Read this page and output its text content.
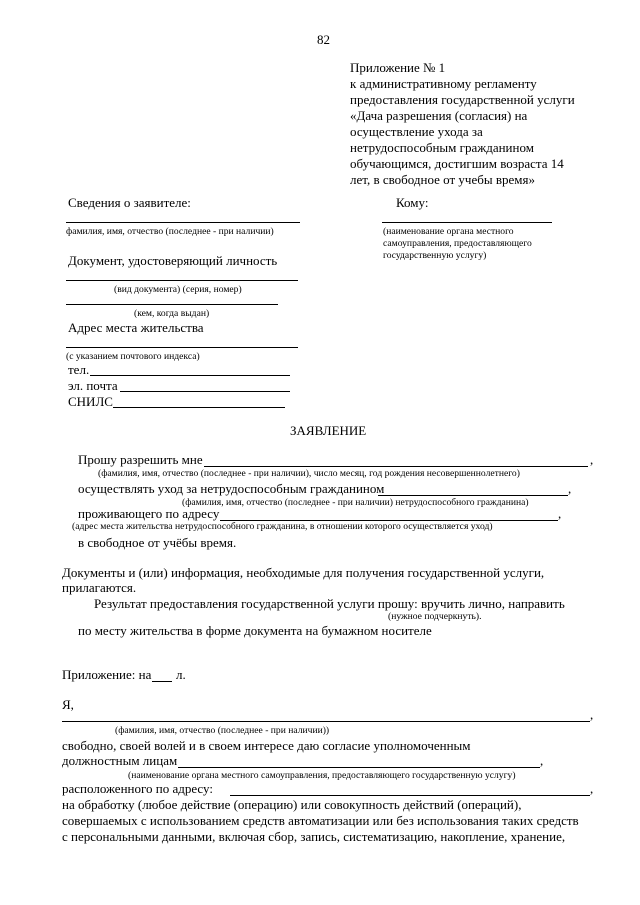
82
Приложение № 1
к административному регламенту
предоставления государственной услуги
«Дача разрешения (согласия) на
осуществление ухода за
нетрудоспособным гражданином
обучающимся, достигшим возраста 14
лет, в свободное от учебы время»
Сведения о заявителе:
фамилия, имя, отчество (последнее - при наличии)
Документ, удостоверяющий личность
(вид документа) (серия, номер)
(кем, когда выдан)
Адрес места жительства
(с указанием почтового индекса)
тел.
эл. почта
СНИЛС
Кому:
(наименование органа местного
самоуправления, предоставляющего
государственную услугу)
ЗАЯВЛЕНИЕ
Прошу разрешить мне	,
(фамилия, имя, отчество (последнее - при наличии), число месяц, год рождения несовершеннолетнего)
осуществлять уход за нетрудоспособным гражданином	,
(фамилия, имя, отчество (последнее - при наличии) нетрудоспособного гражданина)
проживающего по адресу	,
(адрес места жительства нетрудоспособного гражданина, в отношении которого осуществляется уход)
в свободное от учёбы время.
Документы и (или) информация, необходимые для получения государственной услуги,
прилагаются.
Результат предоставления государственной услуги прошу: вручить лично, направить
(нужное подчеркнуть).
по месту жительства в форме документа на бумажном носителе
Приложение: на л.
Я,
,
(фамилия, имя, отчество (последнее - при наличии))
свободно, своей волей и в своем интересе даю согласие уполномоченным
должностным лицам	,
(наименование органа местного самоуправления, предоставляющего государственную услугу)
расположенного по адресу:	,
на обработку (любое действие (операцию) или совокупность действий (операций),
совершаемых с использованием средств автоматизации или без использования таких средств
с персональными данными, включая сбор, запись, систематизацию, накопление, хранение,
